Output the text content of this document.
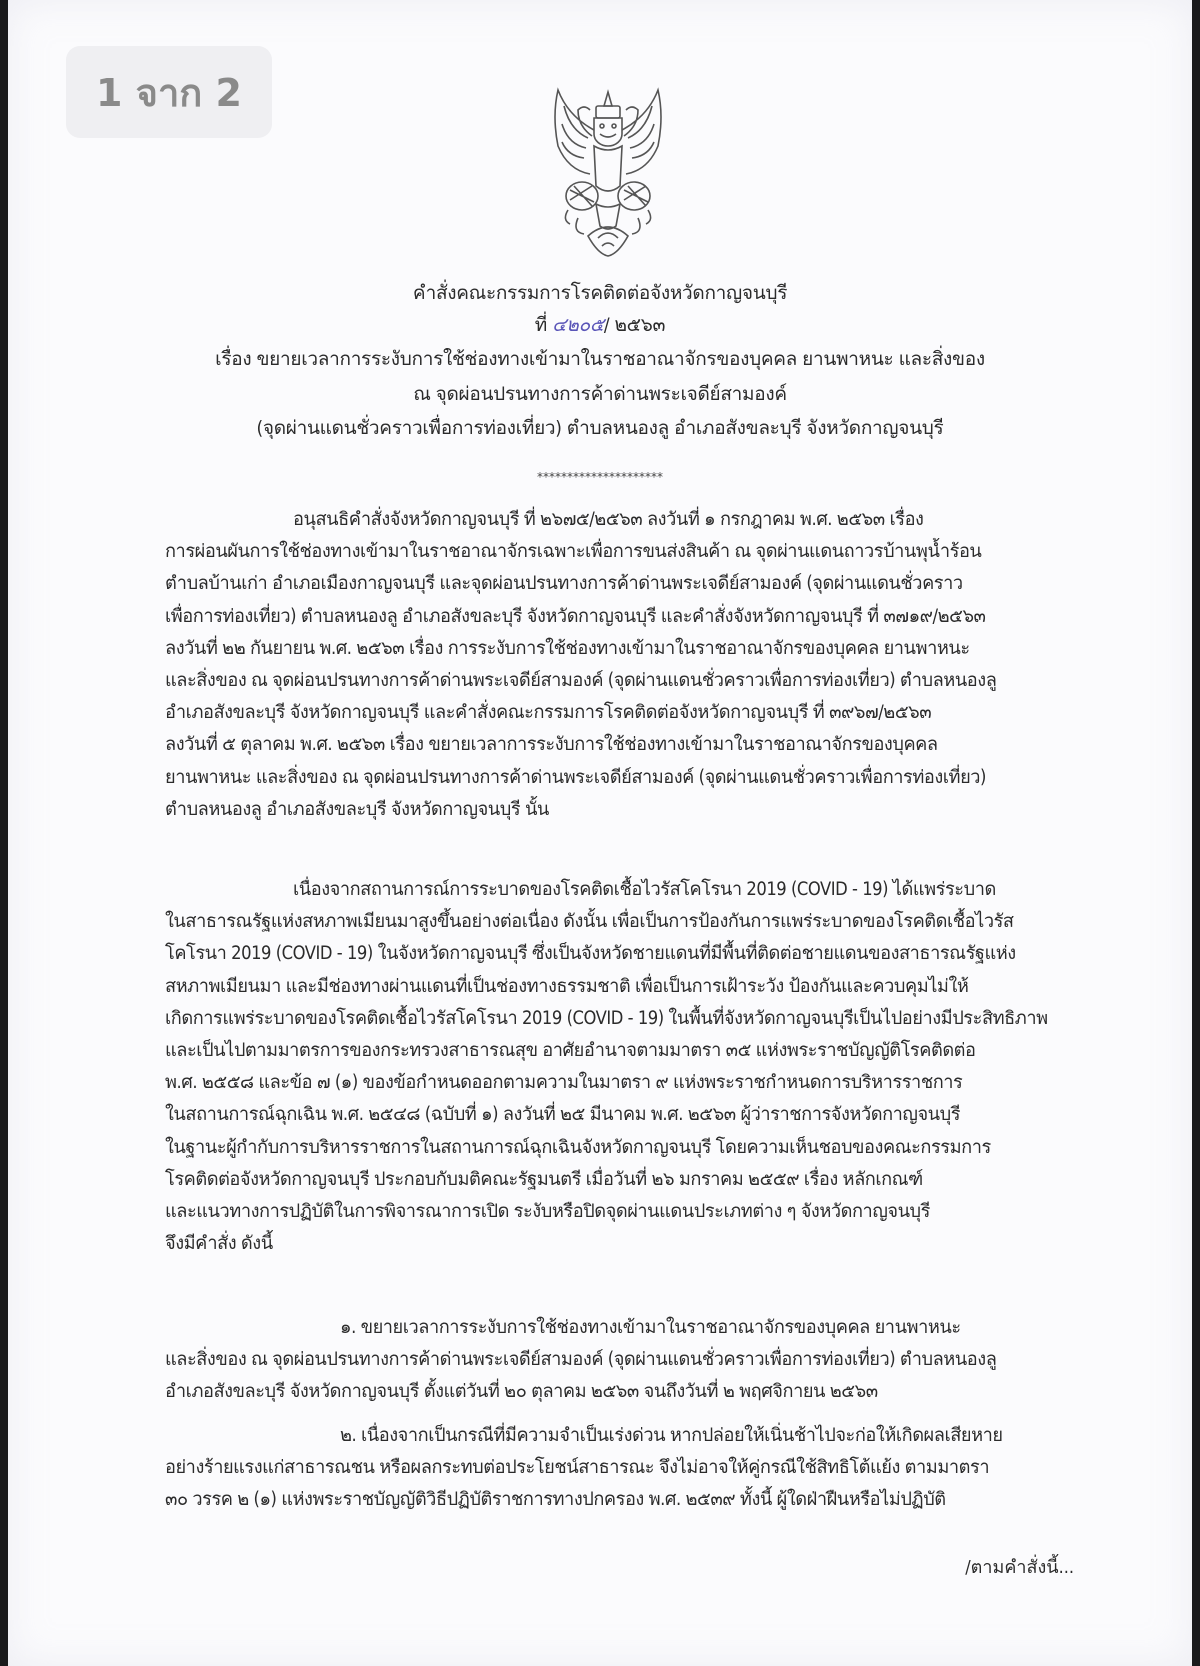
1 จาก 2
คำสั่งคณะกรรมการโรคติดต่อจังหวัดกาญจนบุรี
ที่ ๔๒๐๕/ ๒๕๖๓
เรื่อง ขยายเวลาการระงับการใช้ช่องทางเข้ามาในราชอาณาจักรของบุคคล ยานพาหนะ และสิ่งของ
ณ จุดผ่อนปรนทางการค้าด่านพระเจดีย์สามองค์
(จุดผ่านแดนชั่วคราวเพื่อการท่องเที่ยว) ตำบลหนองลู อำเภอสังขละบุรี จังหวัดกาญจนบุรี
*********************
อนุสนธิคำสั่งจังหวัดกาญจนบุรี ที่ ๒๖๗๕/๒๕๖๓ ลงวันที่ ๑ กรกฎาคม พ.ศ. ๒๕๖๓ เรื่อง
การผ่อนผันการใช้ช่องทางเข้ามาในราชอาณาจักรเฉพาะเพื่อการขนส่งสินค้า ณ จุดผ่านแดนถาวรบ้านพุน้ำร้อน
ตำบลบ้านเก่า อำเภอเมืองกาญจนบุรี และจุดผ่อนปรนทางการค้าด่านพระเจดีย์สามองค์ (จุดผ่านแดนชั่วคราว
เพื่อการท่องเที่ยว) ตำบลหนองลู อำเภอสังขละบุรี จังหวัดกาญจนบุรี และคำสั่งจังหวัดกาญจนบุรี ที่ ๓๗๑๙/๒๕๖๓
ลงวันที่ ๒๒ กันยายน พ.ศ. ๒๕๖๓ เรื่อง การระงับการใช้ช่องทางเข้ามาในราชอาณาจักรของบุคคล ยานพาหนะ
และสิ่งของ ณ จุดผ่อนปรนทางการค้าด่านพระเจดีย์สามองค์ (จุดผ่านแดนชั่วคราวเพื่อการท่องเที่ยว) ตำบลหนองลู
อำเภอสังขละบุรี จังหวัดกาญจนบุรี และคำสั่งคณะกรรมการโรคติดต่อจังหวัดกาญจนบุรี ที่ ๓๙๖๗/๒๕๖๓
ลงวันที่ ๕ ตุลาคม พ.ศ. ๒๕๖๓ เรื่อง ขยายเวลาการระงับการใช้ช่องทางเข้ามาในราชอาณาจักรของบุคคล
ยานพาหนะ และสิ่งของ ณ จุดผ่อนปรนทางการค้าด่านพระเจดีย์สามองค์ (จุดผ่านแดนชั่วคราวเพื่อการท่องเที่ยว)
ตำบลหนองลู อำเภอสังขละบุรี จังหวัดกาญจนบุรี นั้น
เนื่องจากสถานการณ์การระบาดของโรคติดเชื้อไวรัสโคโรนา 2019 (COVID - 19) ได้แพร่ระบาด
ในสาธารณรัฐแห่งสหภาพเมียนมาสูงขึ้นอย่างต่อเนื่อง ดังนั้น เพื่อเป็นการป้องกันการแพร่ระบาดของโรคติดเชื้อไวรัส
โคโรนา 2019 (COVID - 19) ในจังหวัดกาญจนบุรี ซึ่งเป็นจังหวัดชายแดนที่มีพื้นที่ติดต่อชายแดนของสาธารณรัฐแห่ง
สหภาพเมียนมา และมีช่องทางผ่านแดนที่เป็นช่องทางธรรมชาติ เพื่อเป็นการเฝ้าระวัง ป้องกันและควบคุมไม่ให้
เกิดการแพร่ระบาดของโรคติดเชื้อไวรัสโคโรนา 2019 (COVID - 19) ในพื้นที่จังหวัดกาญจนบุรีเป็นไปอย่างมีประสิทธิภาพ
และเป็นไปตามมาตรการของกระทรวงสาธารณสุข อาศัยอำนาจตามมาตรา ๓๕ แห่งพระราชบัญญัติโรคติดต่อ
พ.ศ. ๒๕๕๘ และข้อ ๗ (๑) ของข้อกำหนดออกตามความในมาตรา ๙ แห่งพระราชกำหนดการบริหารราชการ
ในสถานการณ์ฉุกเฉิน พ.ศ. ๒๕๔๘ (ฉบับที่ ๑) ลงวันที่ ๒๕ มีนาคม พ.ศ. ๒๕๖๓ ผู้ว่าราชการจังหวัดกาญจนบุรี
ในฐานะผู้กำกับการบริหารราชการในสถานการณ์ฉุกเฉินจังหวัดกาญจนบุรี โดยความเห็นชอบของคณะกรรมการ
โรคติดต่อจังหวัดกาญจนบุรี ประกอบกับมติคณะรัฐมนตรี เมื่อวันที่ ๒๖ มกราคม ๒๕๕๙ เรื่อง หลักเกณฑ์
และแนวทางการปฏิบัติในการพิจารณาการเปิด ระงับหรือปิดจุดผ่านแดนประเภทต่าง ๆ จังหวัดกาญจนบุรี
จึงมีคำสั่ง ดังนี้
๑. ขยายเวลาการระงับการใช้ช่องทางเข้ามาในราชอาณาจักรของบุคคล ยานพาหนะ
และสิ่งของ ณ จุดผ่อนปรนทางการค้าด่านพระเจดีย์สามองค์ (จุดผ่านแดนชั่วคราวเพื่อการท่องเที่ยว) ตำบลหนองลู
อำเภอสังขละบุรี จังหวัดกาญจนบุรี ตั้งแต่วันที่ ๒๐ ตุลาคม ๒๕๖๓ จนถึงวันที่ ๒ พฤศจิกายน ๒๕๖๓
๒. เนื่องจากเป็นกรณีที่มีความจำเป็นเร่งด่วน หากปล่อยให้เนิ่นช้าไปจะก่อให้เกิดผลเสียหาย
อย่างร้ายแรงแก่สาธารณชน หรือผลกระทบต่อประโยชน์สาธารณะ จึงไม่อาจให้คู่กรณีใช้สิทธิโต้แย้ง ตามมาตรา
๓๐ วรรค ๒ (๑) แห่งพระราชบัญญัติวิธีปฏิบัติราชการทางปกครอง พ.ศ. ๒๕๓๙ ทั้งนี้ ผู้ใดฝ่าฝืนหรือไม่ปฏิบัติ
/ตามคำสั่งนี้...
